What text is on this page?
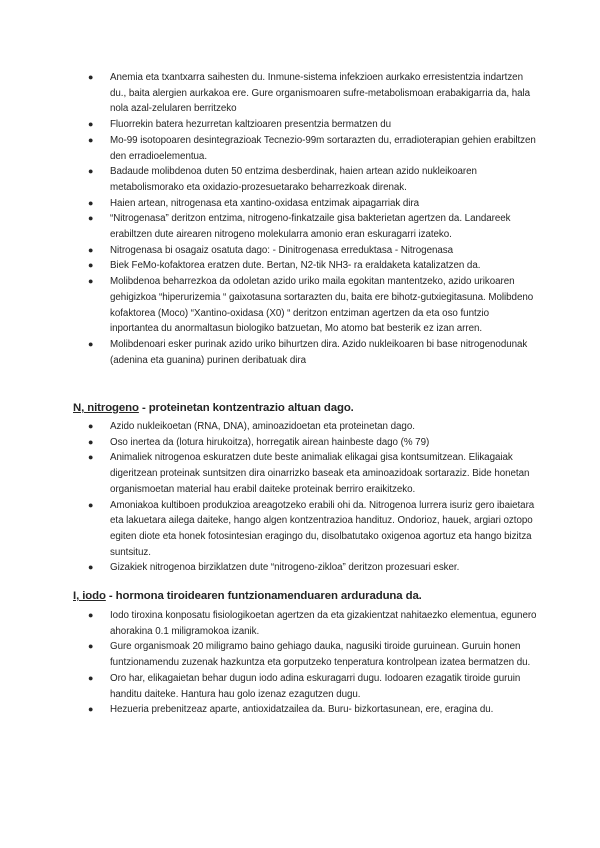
● Anemia eta txantxarra saihesten du. Inmune-sistema infekzioen aurkako erresistentzia indartzen du., baita alergien aurkakoa ere. Gure organismoaren sufre-metabolismoan erabakigarria da, hala nola azal-zelularen berritzeko
● Fluorrekin batera hezurretan kaltzioaren presentzia bermatzen du
● Mo-99 isotopoaren desintegrazioak Tecnezio-99m sortarazten du, erradioterapian gehien erabiltzen den erradioelementua.
● Badaude molibdenoa duten 50 entzima desberdinak, haien artean azido nukleikoaren metabolismorako eta oxidazio-prozesuetarako beharrezkoak direnak.
● Haien artean, nitrogenasa eta xantino-oxidasa entzimak aipagarriak dira
● “Nitrogenasa” deritzon entzima, nitrogeno-finkatzaile gisa bakterietan agertzen da. Landareek erabiltzen dute airearen nitrogeno molekularra amonio eran eskuragarri izateko.
● Nitrogenasa bi osagaiz osatuta dago: - Dinitrogenasa erreduktasa - Nitrogenasa
● Biek FeMo-kofaktorea eratzen dute. Bertan, N2-tik NH3- ra eraldaketa katalizatzen da.
● Molibdenoa beharrezkoa da odoletan azido uriko maila egokitan mantentzeko, azido urikoaren gehigizkoa “hiperurizemia “ gaixotasuna sortarazten du, baita ere bihotz-gutxiegitasuna. Molibdeno kofaktorea (Moco) “Xantino-oxidasa (X0) “ deritzon entziman agertzen da eta oso funtzio inportantea du anormaltasun biologiko batzuetan, Mo atomo bat besterik ez izan arren.
● Molibdenoari esker purinak azido uriko bihurtzen dira. Azido nukleikoaren bi base nitrogenodunak (adenina eta guanina) purinen deribatuak dira

N, nitrogeno - proteinetan kontzentrazio altuan dago.

● Azido nukleikoetan (RNA, DNA), aminoazidoetan eta proteinetan dago.
● Oso inertea da (lotura hirukoitza), horregatik airean hainbeste dago (% 79)
● Animaliek nitrogenoa eskuratzen dute beste animaliak elikagai gisa kontsumitzean. Elikagaiak digeritzean proteinak suntsitzen dira oinarrizko baseak eta aminoazidoak sortaraziz. Bide honetan organismoetan material hau erabil daiteke proteinak berriro eraikitzeko.
● Amoniakoa kultiboen produkzioa areagotzeko erabili ohi da. Nitrogenoa lurrera isuriz gero ibaietara eta lakuetara ailega daiteke, hango algen kontzentrazioa handituz. Ondorioz, hauek, argiari oztopo egiten diote eta honek fotosintesian eragingo du, disolbatutako oxigenoa agortuz eta hango bizitza suntsituz.
● Gizakiek nitrogenoa birziklatzen dute “nitrogeno-zikloa” deritzon prozesuari esker.

I, iodo - hormona tiroidearen funtzionamenduaren arduraduna da.

● Iodo tiroxina konposatu fisiologikoetan agertzen da eta gizakientzat nahitaezko elementua, egunero ahorakina 0.1 miligramokoa izanik.
● Gure organismoak 20 miligramo baino gehiago dauka, nagusiki tiroide guruinean. Guruin honen funtzionamendu zuzenak hazkuntza eta gorputzeko tenperatura kontrolpean izatea bermatzen du.
● Oro har, elikagaietan behar dugun iodo adina eskuragarri dugu. Iodoaren ezagatik tiroide guruin handitu daiteke. Hantura hau golo izenaz ezagutzen dugu.
● Hezueria prebenitzeaz aparte, antioxidatzailea da. Buru- bizkortasunean, ere, eragina du.
